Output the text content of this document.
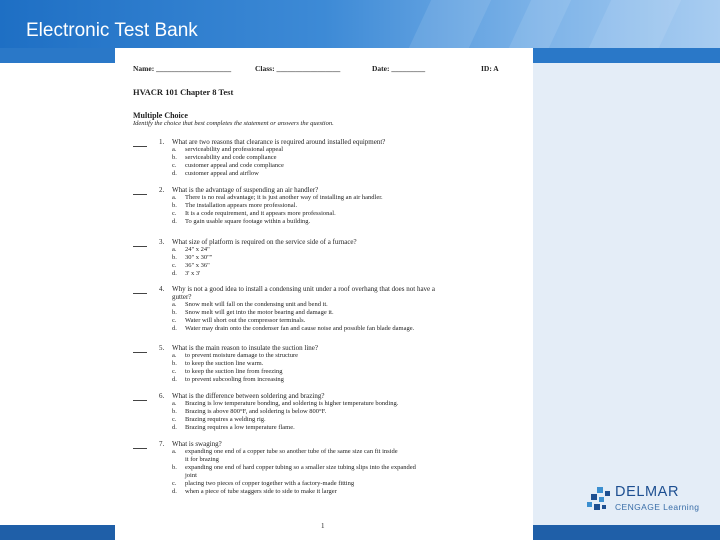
Electronic Test Bank
Name: ____________________	Class: _________________	Date: _________	ID: A
HVACR 101 Chapter 8 Test
Multiple Choice
Identify the choice that best completes the statement or answers the question.
1. What are two reasons that clearance is required around installed equipment?
a. serviceability and professional appeal
b. serviceability and code compliance
c. customer appeal and code compliance
d. customer appeal and airflow
2. What is the advantage of suspending an air handler?
a. There is no real advantage; it is just another way of installing an air handler.
b. The installation appears more professional.
c. It is a code requirement, and it appears more professional.
d. To gain usable square footage within a building.
3. What size of platform is required on the service side of a furnace?
a. 24" x 24"
b. 30" x 30""
c. 36" x 36"
d. 3' x 3'
4. Why is not a good idea to install a condensing unit under a roof overhang that does not have a
gutter?
a. Snow melt will fall on the condensing unit and bend it.
b. Snow melt will get into the motor bearing and damage it.
c. Water will short out the compressor terminals.
d. Water may drain onto the condenser fan and cause noise and possible fan blade damage.
5. What is the main reason to insulate the suction line?
a. to prevent moisture damage to the structure
b. to keep the suction line warm.
c. to keep the suction line from freezing
d. to prevent subcooling from increasing
6. What is the difference between soldering and brazing?
a. Brazing is low temperature bonding, and soldering is higher temperature bonding.
b. Brazing is above 800°F, and soldering is below 800°F.
c. Brazing requires a welding rig.
d. Brazing requires a low temperature flame.
7. What is swaging?
a. expanding one end of a copper tube so another tube of the same size can fit inside
it for brazing
b. expanding one end of hard copper tubing so a smaller size tubing slips into the expanded
joint
c. placing two pieces of copper together with a factory-made fitting
d. when a piece of tube staggers side to side to make it larger
1
DELMAR
CENGAGE Learning
